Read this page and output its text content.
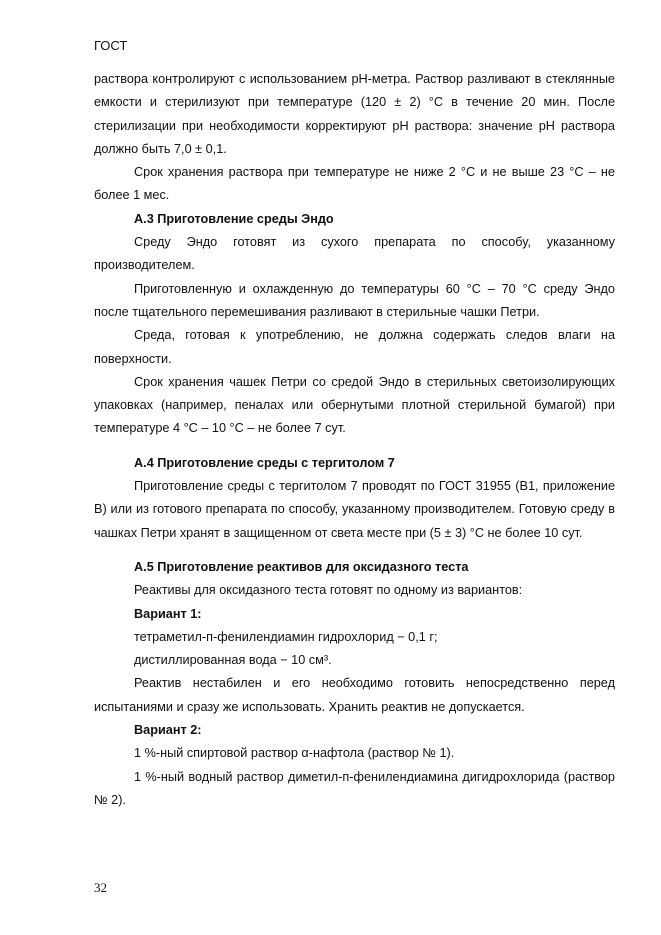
ГОСТ

раствора контролируют с использованием рН-метра. Раствор разливают в стеклянные емкости и стерилизуют при температуре (120 ± 2) °С в течение 20 мин. После стерилизации при необходимости корректируют рН раствора: значение рН раствора должно быть 7,0 ± 0,1.

Срок хранения раствора при температуре не ниже 2 °С и не выше 23 °С – не более 1 мес.

А.3 Приготовление среды Эндо

Среду Эндо готовят из сухого препарата по способу, указанному производителем.

Приготовленную и охлажденную до температуры 60 °С – 70 °С среду Эндо после тщательного перемешивания разливают в стерильные чашки Петри.

Среда, готовая к употреблению, не должна содержать следов влаги на поверхности.

Срок хранения чашек Петри со средой Эндо в стерильных светоизолирующих упаковках (например, пеналах или обернутыми плотной стерильной бумагой) при температуре 4 °С – 10 °С – не более 7 сут.

А.4 Приготовление среды с тергитолом 7

Приготовление среды с тергитолом 7 проводят по ГОСТ 31955 (B1, приложение В) или из готового препарата по способу, указанному производителем. Готовую среду в чашках Петри хранят в защищенном от света месте при (5 ± 3) °С не более 10 сут.

А.5 Приготовление реактивов для оксидазного теста

Реактивы для оксидазного теста готовят по одному из вариантов:

Вариант 1:

тетраметил-п-фенилендиамин гидрохлорид − 0,1 г;

дистиллированная вода − 10 см³.

Реактив нестабилен и его необходимо готовить непосредственно перед испытаниями и сразу же использовать. Хранить реактив не допускается.

Вариант 2:

1 %-ный спиртовой раствор α-нафтола (раствор № 1).

1 %-ный водный раствор диметил-п-фенилендиамина дигидрохлорида (раствор № 2).

32
